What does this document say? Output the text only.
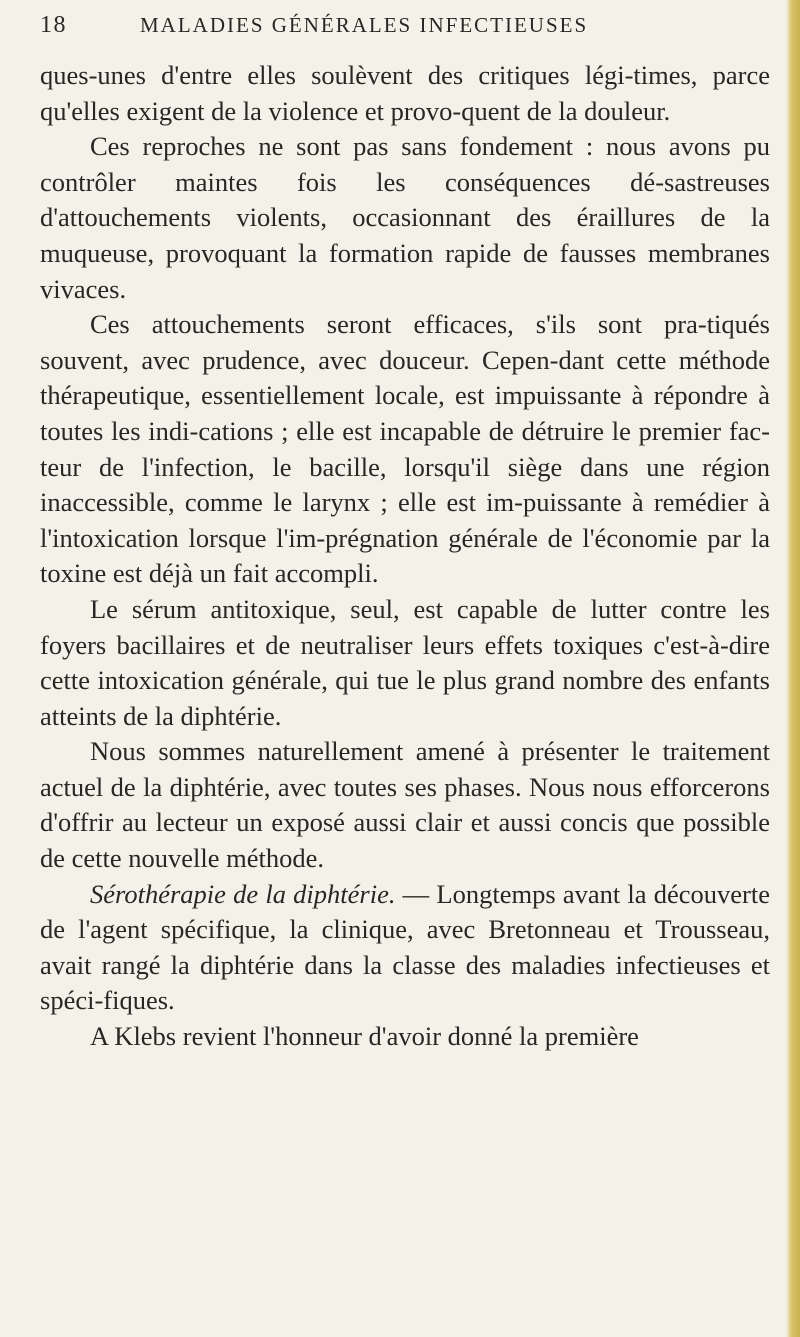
18	MALADIES GÉNÉRALES INFECTIEUSES

ques-unes d'entre elles soulèvent des critiques légi-times, parce qu'elles exigent de la violence et provo-quent de la douleur.

Ces reproches ne sont pas sans fondement : nous avons pu contrôler maintes fois les conséquences dé-sastreuses d'attouchements violents, occasionnant des éraillures de la muqueuse, provoquant la formation rapide de fausses membranes vivaces.

Ces attouchements seront efficaces, s'ils sont pra-tiqués souvent, avec prudence, avec douceur. Cepen-dant cette méthode thérapeutique, essentiellement locale, est impuissante à répondre à toutes les indi-cations ; elle est incapable de détruire le premier fac-teur de l'infection, le bacille, lorsqu'il siège dans une région inaccessible, comme le larynx ; elle est im-puissante à remédier à l'intoxication lorsque l'im-prégnation générale de l'économie par la toxine est déjà un fait accompli.

Le sérum antitoxique, seul, est capable de lutter contre les foyers bacillaires et de neutraliser leurs effets toxiques c'est-à-dire cette intoxication générale, qui tue le plus grand nombre des enfants atteints de la diphtérie.

Nous sommes naturellement amené à présenter le traitement actuel de la diphtérie, avec toutes ses phases. Nous nous efforcerons d'offrir au lecteur un exposé aussi clair et aussi concis que possible de cette nouvelle méthode.

Sérothérapie de la diphtérie. — Longtemps avant la découverte de l'agent spécifique, la clinique, avec Bretonneau et Trousseau, avait rangé la diphtérie dans la classe des maladies infectieuses et spéci-fiques.

A Klebs revient l'honneur d'avoir donné la première
